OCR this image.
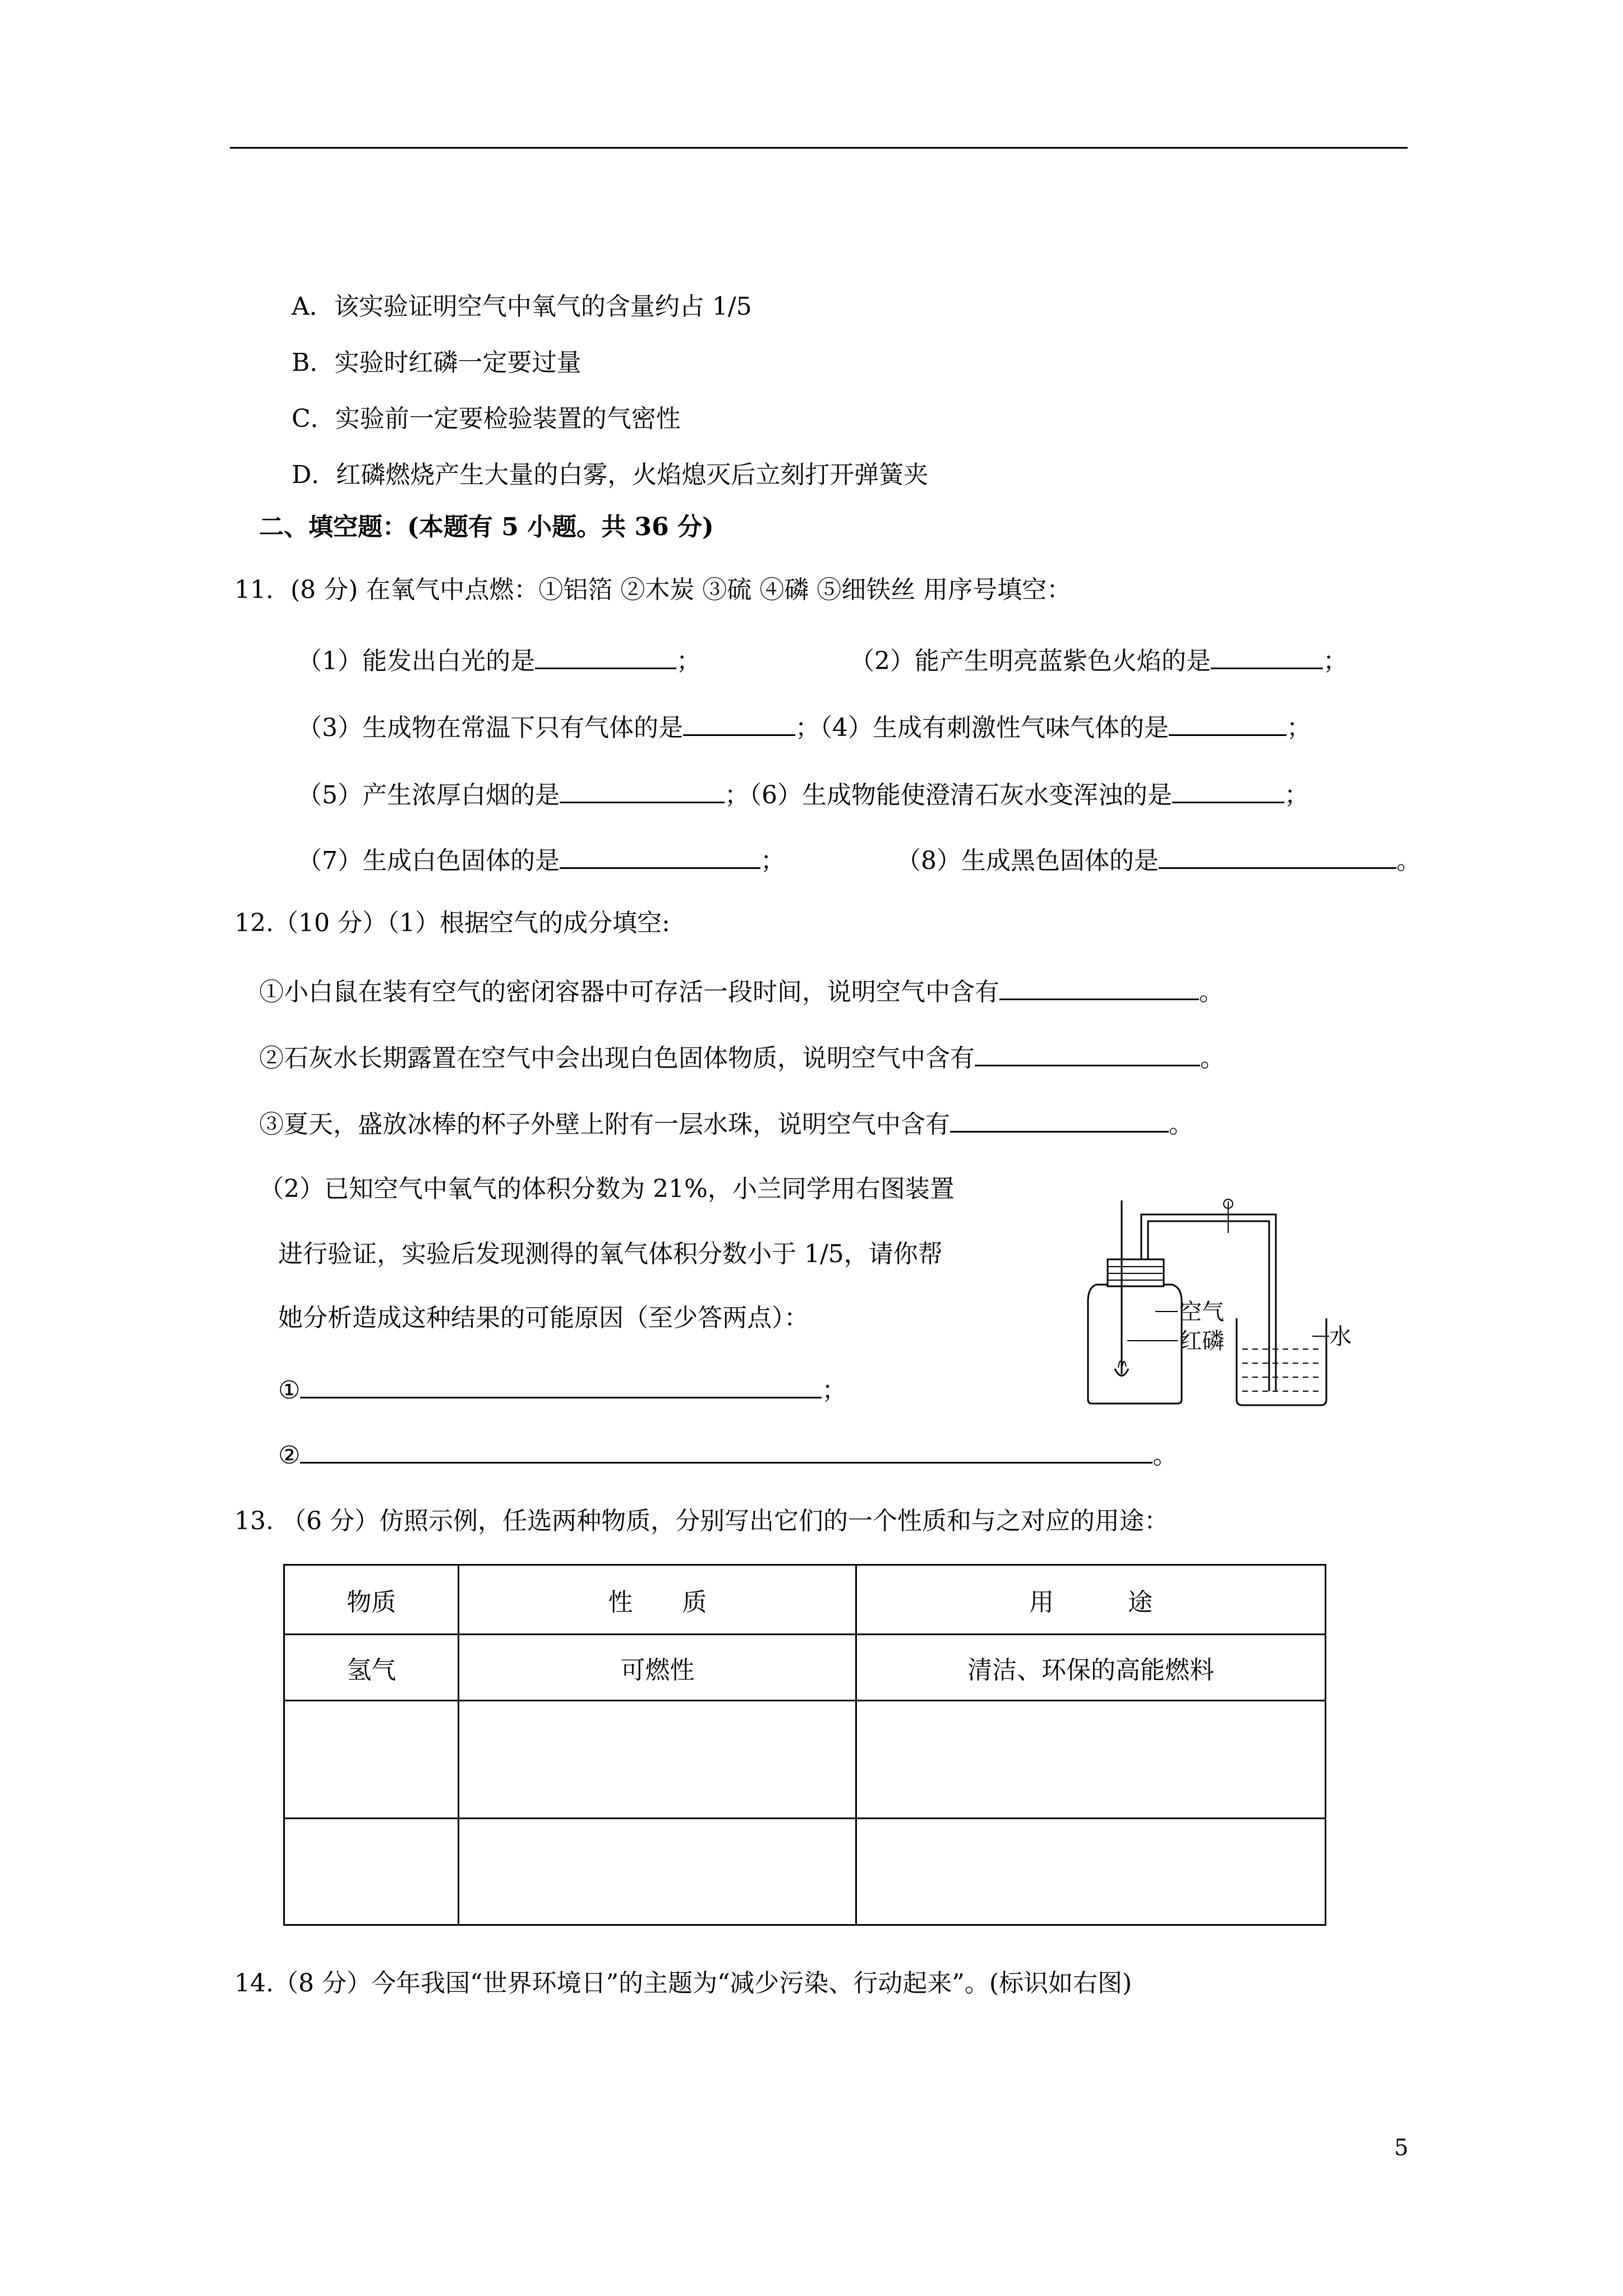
A．该实验证明空气中氧气的含量约占 1/5
B．实验时红磷一定要过量
C．实验前一定要检验装置的气密性
D．红磷燃烧产生大量的白雾，火焰熄灭后立刻打开弹簧夹
二、填空题：(本题有 5 小题。共 36 分)
11．(8 分) 在氧气中点燃：①铝箔 ②木炭 ③硫 ④磷 ⑤细铁丝 用序号填空：
（1）能发出白光的是	；	（2）能产生明亮蓝紫色火焰的是	；
（3）生成物在常温下只有气体的是	；（4）生成有刺激性气味气体的是	；
（5）产生浓厚白烟的是	；（6）生成物能使澄清石灰水变浑浊的是	；
（7）生成白色固体的是	；	（8）生成黑色固体的是	。
12.（10 分）（1）根据空气的成分填空:
①小白鼠在装有空气的密闭容器中可存活一段时间，说明空气中含有	。
②石灰水长期露置在空气中会出现白色固体物质，说明空气中含有	。
③夏天，盛放冰棒的杯子外壁上附有一层水珠，说明空气中含有	。
（2）已知空气中氧气的体积分数为 21%，小兰同学用右图装置
进行验证，实验后发现测得的氧气体积分数小于 1/5，请你帮
她分析造成这种结果的可能原因（至少答两点）：
①	；
②	。
空气
红磷	水
13. （6 分）仿照示例，任选两种物质，分别写出它们的一个性质和与之对应的用途：
物质	性　　质	用　　　途
氢气	可燃性	清洁、环保的高能燃料

14.（8 分）今年我国“世界环境日”的主题为“减少污染、行动起来”。(标识如右图)
5
